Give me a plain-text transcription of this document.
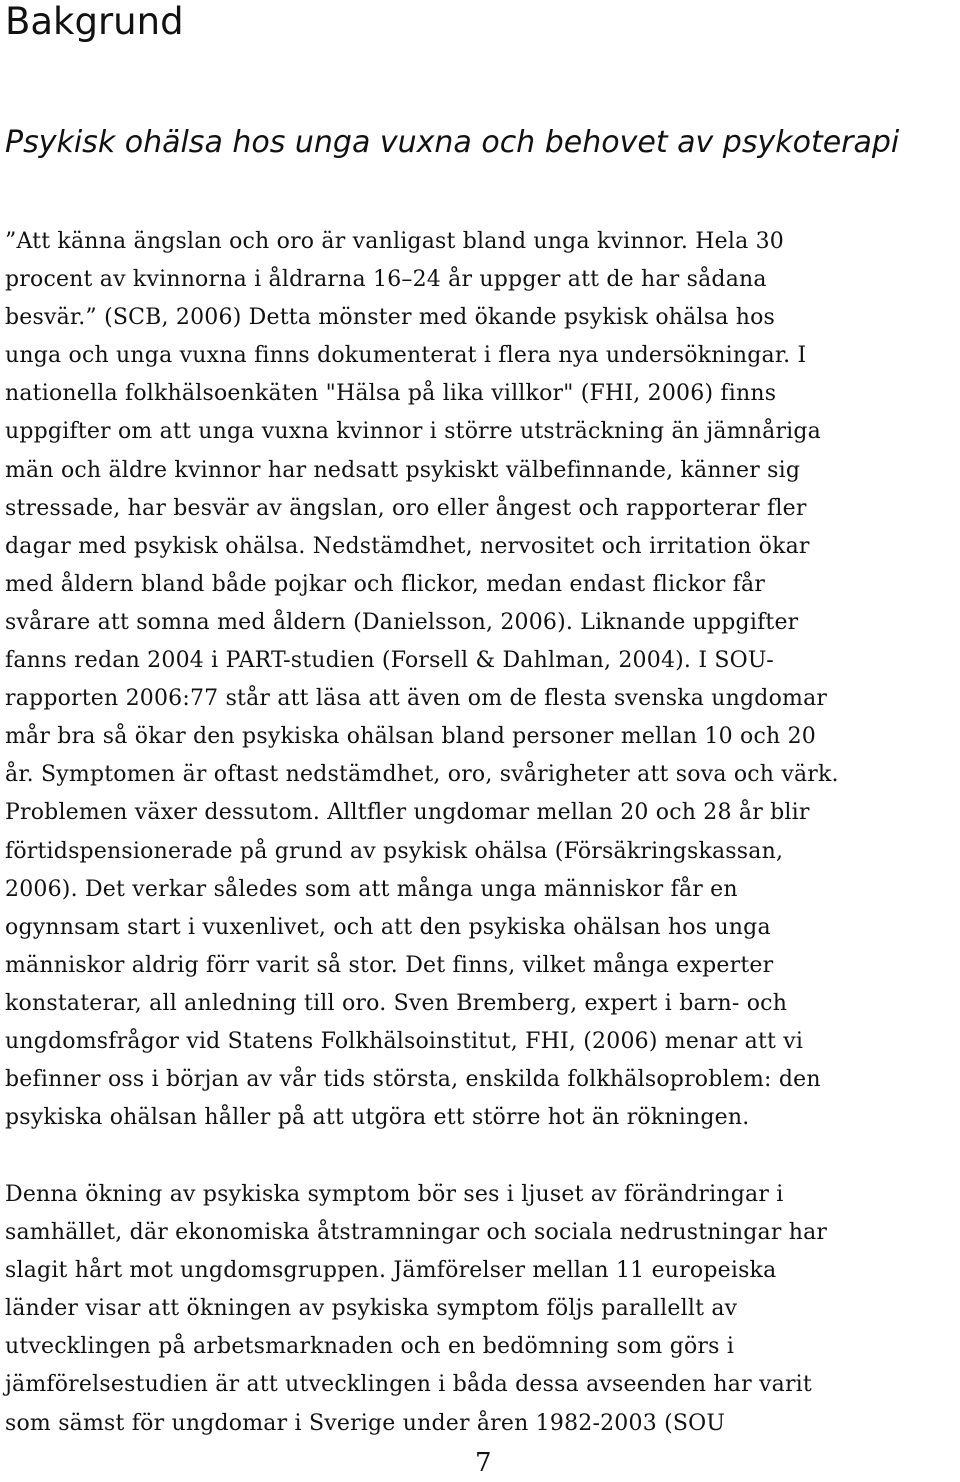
Bakgrund
Psykisk ohälsa hos unga vuxna och behovet av psykoterapi

”Att känna ängslan och oro är vanligast bland unga kvinnor. Hela 30
procent av kvinnorna i åldrarna 16–24 år uppger att de har sådana
besvär.” (SCB, 2006) Detta mönster med ökande psykisk ohälsa hos
unga och unga vuxna finns dokumenterat i flera nya undersökningar. I
nationella folkhälsoenkäten "Hälsa på lika villkor" (FHI, 2006) finns
uppgifter om att unga vuxna kvinnor i större utsträckning än jämnåriga
män och äldre kvinnor har nedsatt psykiskt välbefinnande, känner sig
stressade, har besvär av ängslan, oro eller ångest och rapporterar fler
dagar med psykisk ohälsa. Nedstämdhet, nervositet och irritation ökar
med åldern bland både pojkar och flickor, medan endast flickor får
svårare att somna med åldern (Danielsson, 2006). Liknande uppgifter
fanns redan 2004 i PART-studien (Forsell & Dahlman, 2004). I SOU-
rapporten 2006:77 står att läsa att även om de flesta svenska ungdomar
mår bra så ökar den psykiska ohälsan bland personer mellan 10 och 20
år. Symptomen är oftast nedstämdhet, oro, svårigheter att sova och värk.
Problemen växer dessutom. Alltfler ungdomar mellan 20 och 28 år blir
förtidspensionerade på grund av psykisk ohälsa (Försäkringskassan,
2006). Det verkar således som att många unga människor får en
ogynnsam start i vuxenlivet, och att den psykiska ohälsan hos unga
människor aldrig förr varit så stor. Det finns, vilket många experter
konstaterar, all anledning till oro. Sven Bremberg, expert i barn- och
ungdomsfrågor vid Statens Folkhälsoinstitut, FHI, (2006) menar att vi
befinner oss i början av vår tids största, enskilda folkhälsoproblem: den
psykiska ohälsan håller på att utgöra ett större hot än rökningen.

Denna ökning av psykiska symptom bör ses i ljuset av förändringar i
samhället, där ekonomiska åtstramningar och sociala nedrustningar har
slagit hårt mot ungdomsgruppen. Jämförelser mellan 11 europeiska
länder visar att ökningen av psykiska symptom följs parallellt av
utvecklingen på arbetsmarknaden och en bedömning som görs i
jämförelsestudien är att utvecklingen i båda dessa avseenden har varit
som sämst för ungdomar i Sverige under åren 1982-2003 (SOU

7
